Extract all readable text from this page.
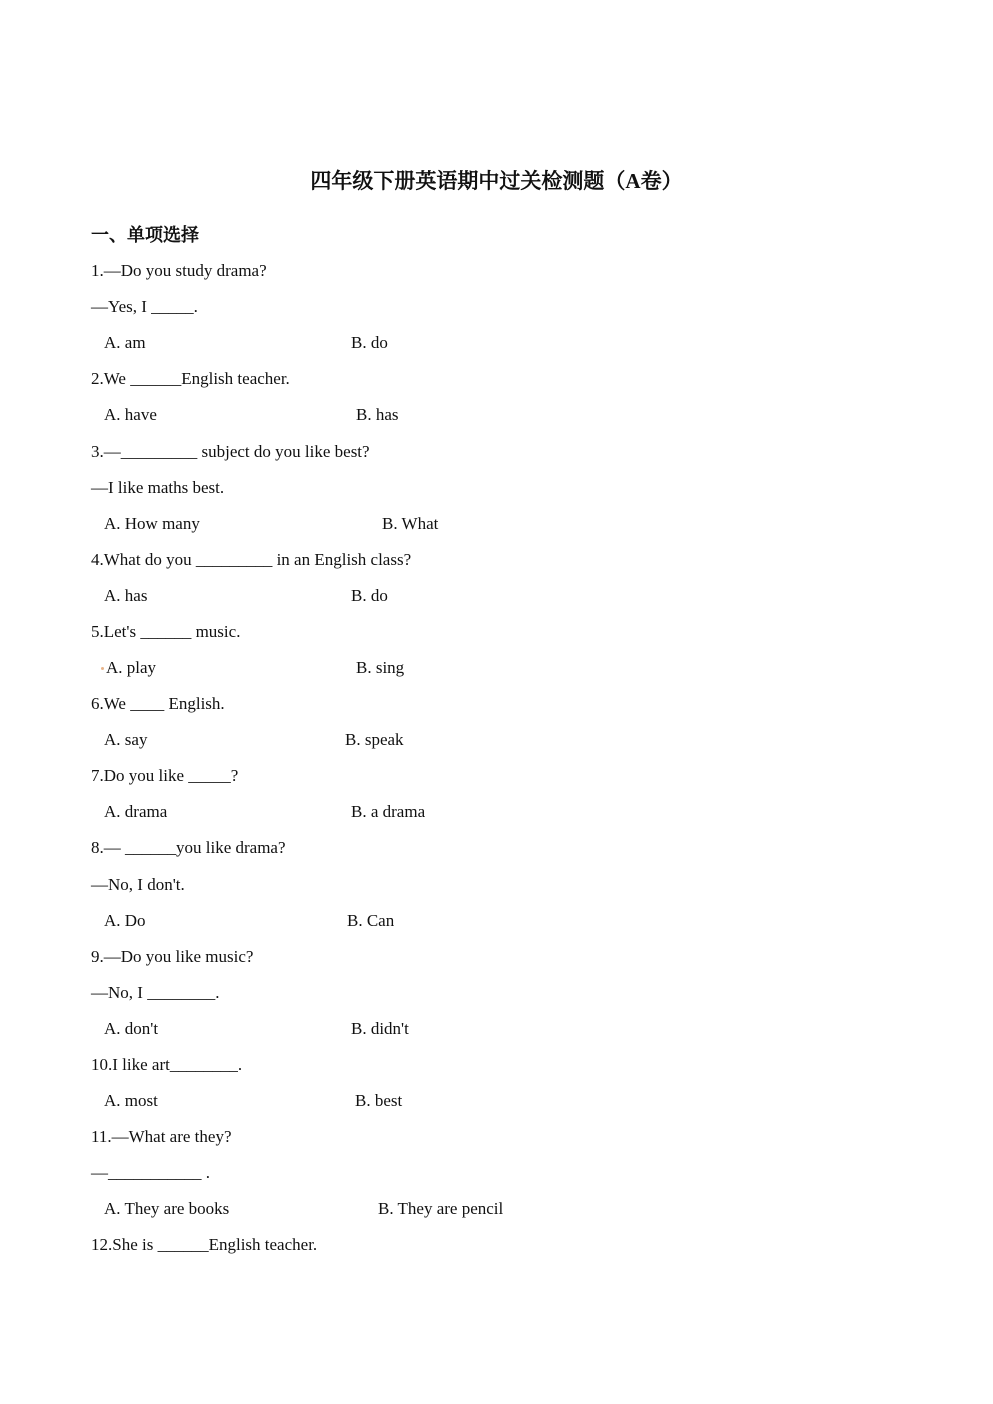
四年级下册英语期中过关检测题（A卷）
一、单项选择
1.—Do you study drama?
—Yes, I _____.
A. am	B. do
2.We ______English teacher.
A. have	B. has
3.—_________ subject do you like best?
—I like maths best.
A. How many	B. What
4.What do you _________ in an English class?
A. has	B. do
5.Let's ______ music.
A. play	B. sing
6.We ____ English.
A. say	B. speak
7.Do you like _____?
A. drama	B. a drama
8.— ______you like drama?
—No, I don't.
A. Do	B. Can
9.—Do you like music?
—No, I ________.
A. don't	B. didn't
10.I like art________.
A. most	B. best
11.—What are they?
—___________ .
A. They are books	B. They are pencil
12.She is ______English teacher.
